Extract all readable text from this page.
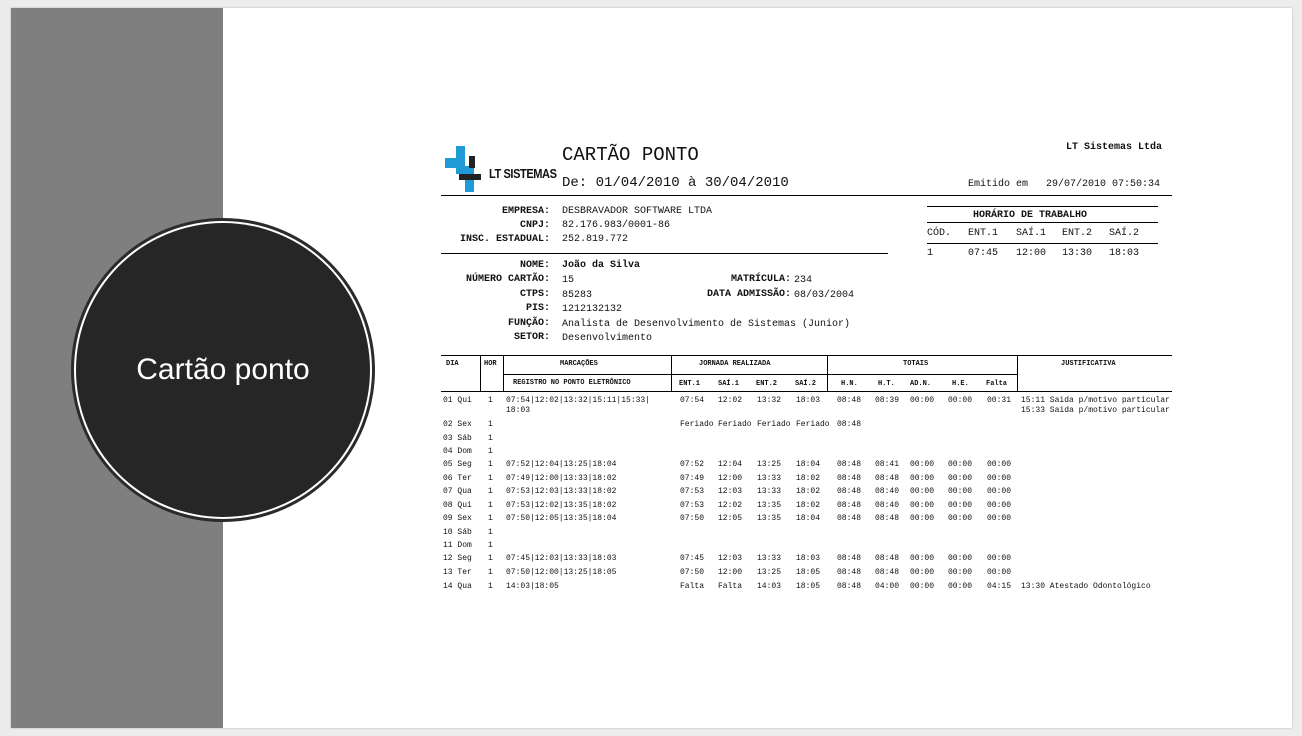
Cartão ponto
LT SISTEMAS
CARTÃO PONTO
De: 01/04/2010 à 30/04/2010
LT Sistemas Ltda
Emitido em 29/07/2010 07:50:34
EMPRESA: DESBRAVADOR SOFTWARE LTDA
CNPJ: 82.176.983/0001-86
INSC. ESTADUAL: 252.819.772
HORÁRIO DE TRABALHO
CÓD. ENT.1 SAÍ.1 ENT.2 SAÍ.2
1	07:45 12:00 13:30 18:03
NOME: João da Silva
NÚMERO CARTÃO: 15	MATRÍCULA: 234
CTPS: 85283	DATA ADMISSÃO: 08/03/2004
PIS: 1212132132
FUNÇÃO: Analista de Desenvolvimento de Sistemas (Junior)
SETOR: Desenvolvimento
DIA	HOR	MARCAÇÕES	JORNADA REALIZADA	TOTAIS	JUSTIFICATIVA
REGISTRO NO PONTO ELETRÔNICO	ENT.1	SAÍ.1 ENT.2	SAÍ.2	H.N.	H.T. AD.N.	H.E. Falta
01 Qui 1 07:54|12:02|13:32|15:11|15:33|	07:54 12:02 13:32 18:03 08:48 08:39 00:00 00:00 00:31 15:11 Saida p/motivo particular
18:03	15:33 Saida p/motivo particular
02 Sex 1	Feriado Feriado Feriado Feriado 08:48
03 Sáb 1
04 Dom 1
05 Seg 1 07:52|12:04|13:25|18:04	07:52 12:04 13:25 18:04 08:48 08:41 00:00 00:00 00:00
06 Ter 1 07:49|12:00|13:33|18:02	07:49 12:00 13:33 18:02 08:48 08:48 00:00 00:00 00:00
07 Qua 1 07:53|12:03|13:33|18:02	07:53 12:03 13:33 18:02 08:48 08:40 00:00 00:00 00:00
08 Qui 1 07:53|12:02|13:35|18:02	07:53 12:02 13:35 18:02 08:48 08:40 00:00 00:00 00:00
09 Sex 1 07:50|12:05|13:35|18:04	07:50 12:05 13:35 18:04 08:48 08:48 00:00 00:00 00:00
10 Sáb 1
11 Dom 1
12 Seg 1 07:45|12:03|13:33|18:03	07:45 12:03 13:33 18:03 08:48 08:48 00:00 00:00 00:00
13 Ter 1 07:50|12:00|13:25|18:05	07:50 12:00 13:25 18:05 08:48 08:48 00:00 00:00 00:00
14 Qua 1 14:03|18:05	Falta Falta 14:03 18:05 08:48 04:00 00:00 00:00 04:15 13:30 Atestado Odontológico
